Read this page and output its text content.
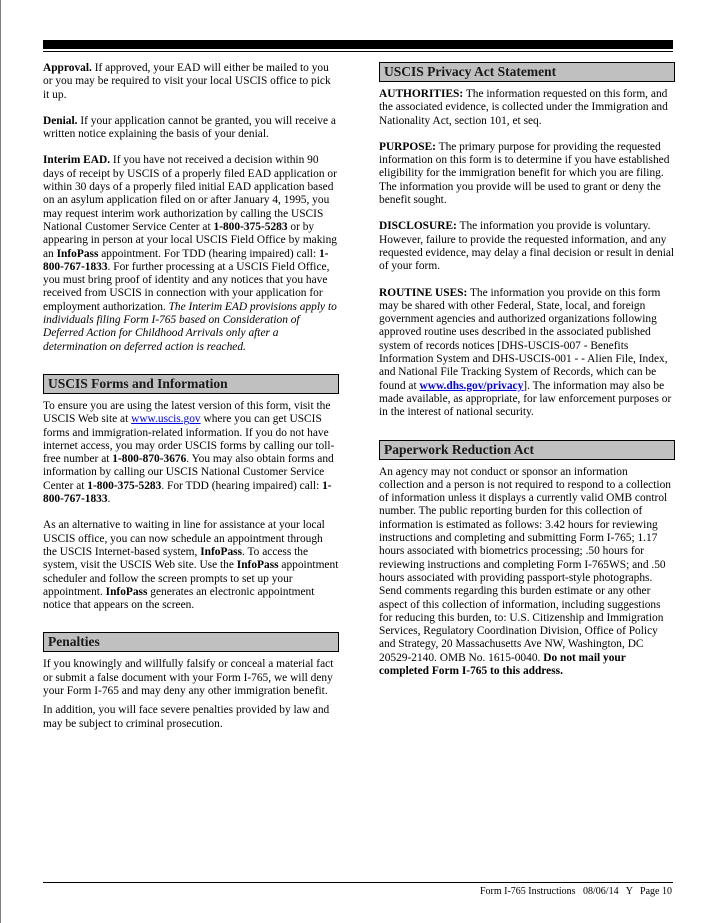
Approval. If approved, your EAD will either be mailed to you or you may be required to visit your local USCIS office to pick it up.

Denial. If your application cannot be granted, you will receive a written notice explaining the basis of your denial.

Interim EAD. If you have not received a decision within 90 days of receipt by USCIS of a properly filed EAD application or within 30 days of a properly filed initial EAD application based on an asylum application filed on or after January 4, 1995, you may request interim work authorization by calling the USCIS National Customer Service Center at 1-800-375-5283 or by appearing in person at your local USCIS Field Office by making an InfoPass appointment. For TDD (hearing impaired) call: 1-800-767-1833. For further processing at a USCIS Field Office, you must bring proof of identity and any notices that you have received from USCIS in connection with your application for employment authorization. The Interim EAD provisions apply to individuals filing Form I-765 based on Consideration of Deferred Action for Childhood Arrivals only after a determination on deferred action is reached.

USCIS Forms and Information

To ensure you are using the latest version of this form, visit the USCIS Web site at www.uscis.gov where you can get USCIS forms and immigration-related information. If you do not have internet access, you may order USCIS forms by calling our toll-free number at 1-800-870-3676. You may also obtain forms and information by calling our USCIS National Customer Service Center at 1-800-375-5283. For TDD (hearing impaired) call: 1-800-767-1833.

As an alternative to waiting in line for assistance at your local USCIS office, you can now schedule an appointment through the USCIS Internet-based system, InfoPass. To access the system, visit the USCIS Web site. Use the InfoPass appointment scheduler and follow the screen prompts to set up your appointment. InfoPass generates an electronic appointment notice that appears on the screen.

Penalties

If you knowingly and willfully falsify or conceal a material fact or submit a false document with your Form I-765, we will deny your Form I-765 and may deny any other immigration benefit.

In addition, you will face severe penalties provided by law and may be subject to criminal prosecution.

USCIS Privacy Act Statement

AUTHORITIES: The information requested on this form, and the associated evidence, is collected under the Immigration and Nationality Act, section 101, et seq.

PURPOSE: The primary purpose for providing the requested information on this form is to determine if you have established eligibility for the immigration benefit for which you are filing. The information you provide will be used to grant or deny the benefit sought.

DISCLOSURE: The information you provide is voluntary. However, failure to provide the requested information, and any requested evidence, may delay a final decision or result in denial of your form.

ROUTINE USES: The information you provide on this form may be shared with other Federal, State, local, and foreign government agencies and authorized organizations following approved routine uses described in the associated published system of records notices [DHS-USCIS-007 - Benefits Information System and DHS-USCIS-001 - - Alien File, Index, and National File Tracking System of Records, which can be found at www.dhs.gov/privacy]. The information may also be made available, as appropriate, for law enforcement purposes or in the interest of national security.

Paperwork Reduction Act

An agency may not conduct or sponsor an information collection and a person is not required to respond to a collection of information unless it displays a currently valid OMB control number. The public reporting burden for this collection of information is estimated as follows: 3.42 hours for reviewing instructions and completing and submitting Form I-765; 1.17 hours associated with biometrics processing; .50 hours for reviewing instructions and completing Form I-765WS; and .50 hours associated with providing passport-style photographs. Send comments regarding this burden estimate or any other aspect of this collection of information, including suggestions for reducing this burden, to: U.S. Citizenship and Immigration Services, Regulatory Coordination Division, Office of Policy and Strategy, 20 Massachusetts Ave NW, Washington, DC 20529-2140. OMB No. 1615-0040. Do not mail your completed Form I-765 to this address.

Form I-765 Instructions   08/06/14   Y   Page 10
